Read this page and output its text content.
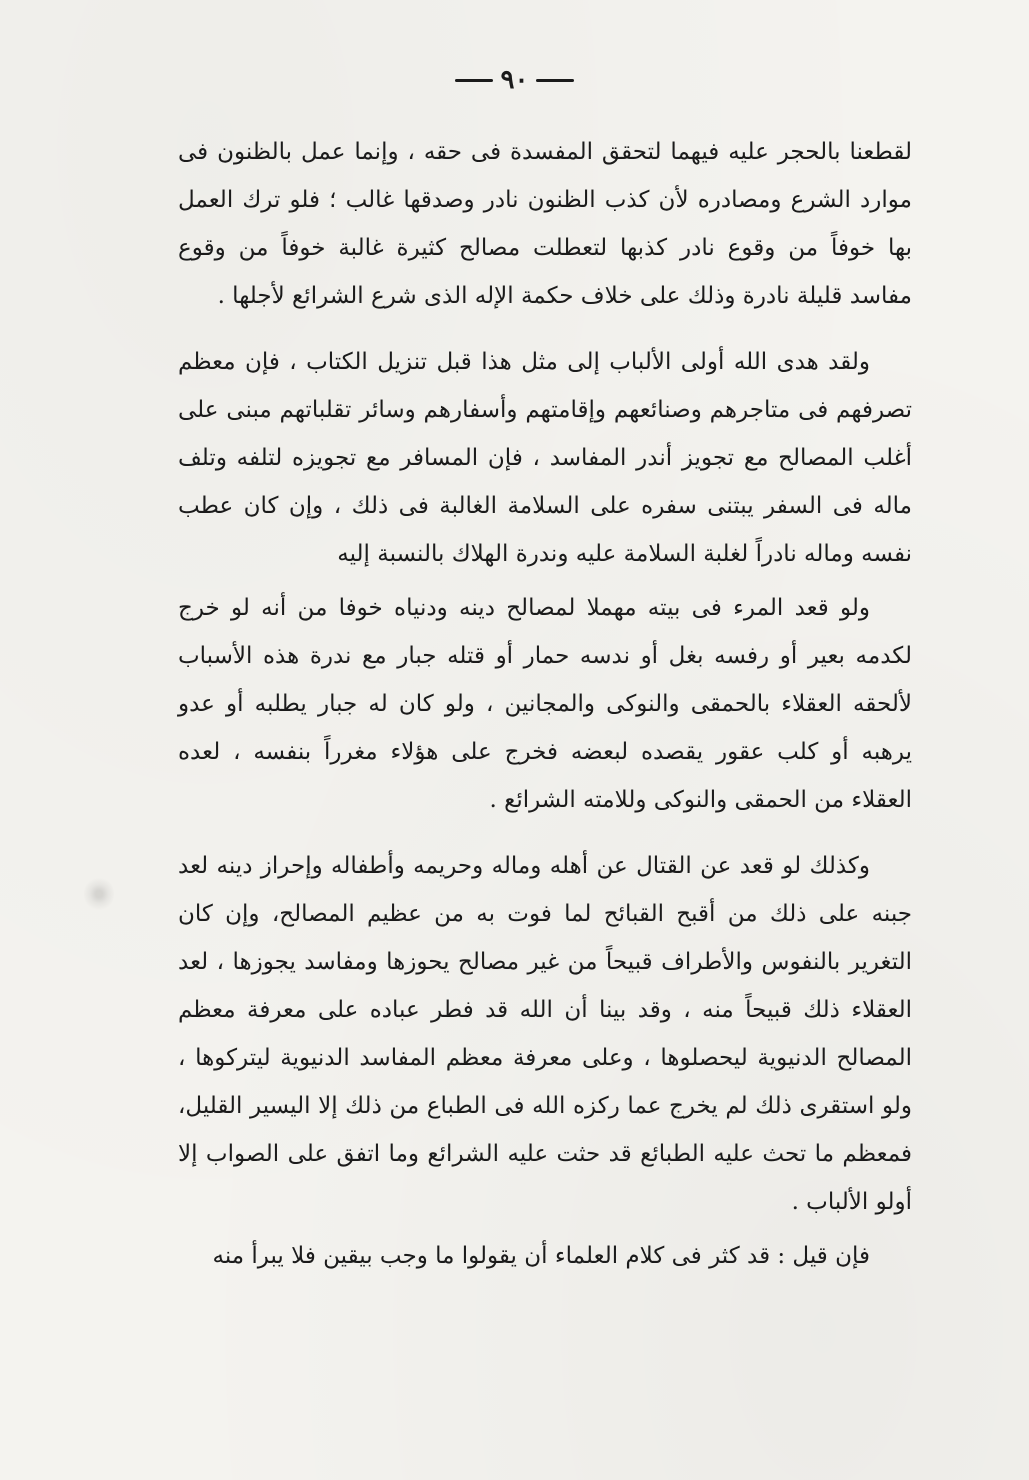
٩٠

لقطعنا بالحجر عليه فيهما لتحقق المفسدة فى حقه ، وإنما عمل بالظنون فى موارد الشرع ومصادره لأن كذب الظنون نادر وصدقها غالب ؛ فلو ترك العمل بها خوفاً من وقوع نادر كذبها لتعطلت مصالح كثيرة غالبة خوفاً من وقوع مفاسد قليلة نادرة وذلك على خلاف حكمة الإله الذى شرع الشرائع لأجلها .

ولقد هدى الله أولى الألباب إلى مثل هذا قبل تنزيل الكتاب ، فإن معظم تصرفهم فى متاجرهم وصنائعهم وإقامتهم وأسفارهم وسائر تقلباتهم مبنى على أغلب المصالح مع تجويز أندر المفاسد ، فإن المسافر مع تجويزه لتلفه وتلف ماله فى السفر يبتنى سفره على السلامة الغالبة فى ذلك ، وإن كان عطب نفسه وماله نادراً لغلبة السلامة عليه وندرة الهلاك بالنسبة إليه

ولو قعد المرء فى بيته مهملا لمصالح دينه ودنياه خوفا من أنه لو خرج لكدمه بعير أو رفسه بغل أو ندسه حمار أو قتله جبار مع ندرة هذه الأسباب لألحقه العقلاء بالحمقى والنوكى والمجانين ، ولو كان له جبار يطلبه أو عدو يرهبه أو كلب عقور يقصده لبعضه فخرج على هؤلاء مغرراً بنفسه ، لعده العقلاء من الحمقى والنوكى وللامته الشرائع .

وكذلك لو قعد عن القتال عن أهله وماله وحريمه وأطفاله وإحراز دينه لعد جبنه على ذلك من أقبح القبائح لما فوت به من عظيم المصالح، وإن كان التغرير بالنفوس والأطراف قبيحاً من غير مصالح يحوزها ومفاسد يجوزها ، لعد العقلاء ذلك قبيحاً منه ، وقد بينا أن الله قد فطر عباده على معرفة معظم المصالح الدنيوية ليحصلوها ، وعلى معرفة معظم المفاسد الدنيوية ليتركوها ، ولو استقرى ذلك لم يخرج عما ركزه الله فى الطباع من ذلك إلا اليسير القليل، فمعظم ما تحث عليه الطبائع قد حثت عليه الشرائع وما اتفق على الصواب إلا أولو الألباب .

فإن قيل : قد كثر فى كلام العلماء أن يقولوا ما وجب بيقين فلا يبرأ منه
